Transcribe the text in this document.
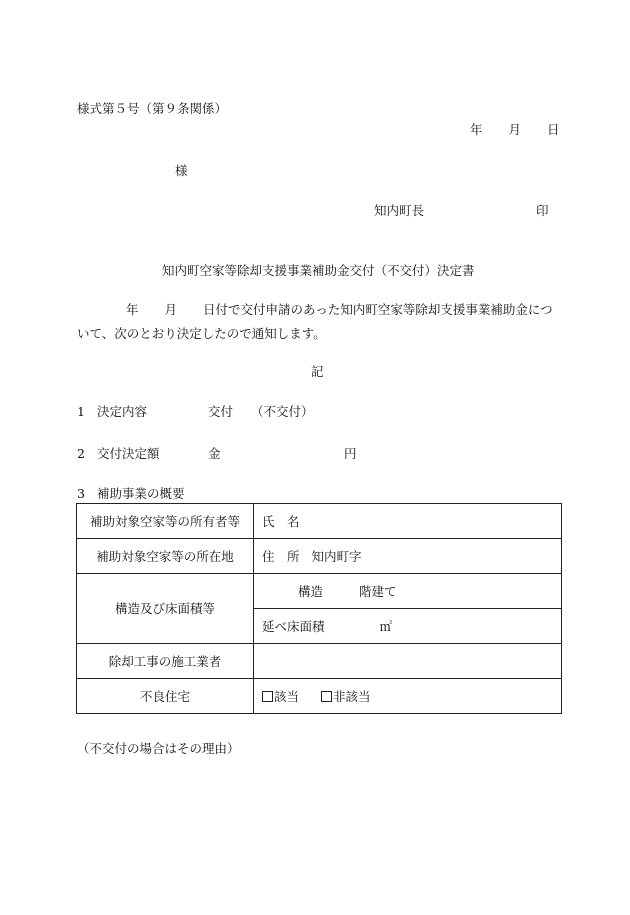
様式第５号（第９条関係）
年 月 日
様
知内町長	印
知内町空家等除却支援事業補助金交付（不交付）決定書
年 月 日付で交付申請のあった知内町空家等除却支援事業補助金につ
いて、次のとおり決定したので通知します。
記
1 決定内容	交付 （不交付）
2 交付決定額	金	円
3 補助事業の概要
補助対象空家等の所有者等	氏　名
補助対象空家等の所在地	住　所 知内町字
構造及び床面積等	構造 階建て
	延べ床面積 ㎡
除却工事の施工業者	
不良住宅	該当 非該当
（不交付の場合はその理由）
